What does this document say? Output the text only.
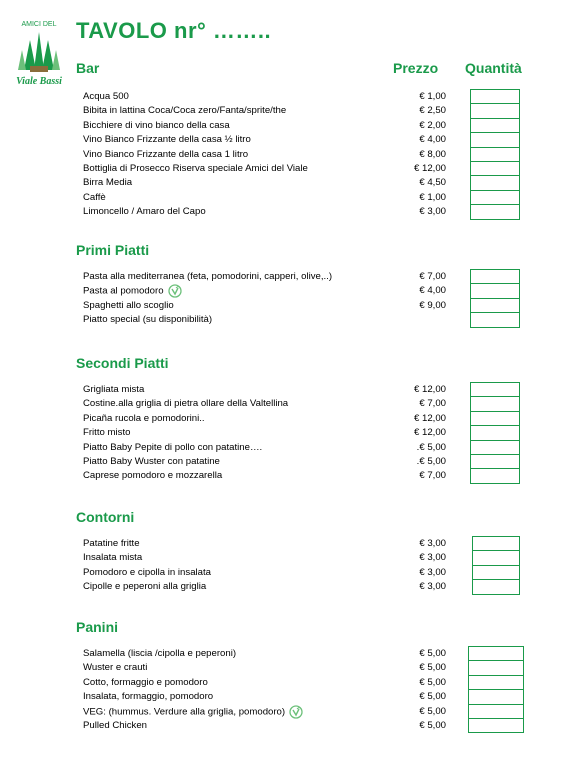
AMICI DEL
Viale Bassi
TAVOLO nr° ……..
Prezzo Quantità
Bar
Acqua 500	€ 1,00
Bibita in lattina Coca/Coca zero/Fanta/sprite/the	€ 2,50
Bicchiere di vino bianco della casa	€ 2,00
Vino Bianco Frizzante della casa ½ litro	€ 4,00
Vino Bianco Frizzante della casa 1 litro	€ 8,00
Bottiglia di Prosecco Riserva speciale Amici del Viale	€ 12,00
Birra Media	€ 4,50
Caffè	€ 1,00
Limoncello / Amaro del Capo	€ 3,00
Primi Piatti
Pasta alla mediterranea (feta, pomodorini, capperi, olive,..)	€ 7,00
Pasta al pomodoro	€ 4,00
Spaghetti allo scoglio	€ 9,00
Piatto special (su disponibilità)
Secondi Piatti
Grigliata mista	€ 12,00
Costine.alla griglia di pietra ollare della Valtellina	€ 7,00
Picaña rucola e pomodorini..	€ 12,00
Fritto misto	€ 12,00
Piatto Baby Pepite di pollo con patatine….	.€ 5,00
Piatto Baby Wuster con patatine	.€ 5,00
Caprese pomodoro e mozzarella	€ 7,00
Contorni
Patatine fritte	€ 3,00
Insalata mista	€ 3,00
Pomodoro e cipolla in insalata	€ 3,00
Cipolle e peperoni alla griglia	€ 3,00
Panini
Salamella (liscia /cipolla e peperoni)	€ 5,00
Wuster e crauti	€ 5,00
Cotto, formaggio e pomodoro	€ 5,00
Insalata, formaggio, pomodoro	€ 5,00
VEG: (hummus. Verdure alla griglia, pomodoro)	€ 5,00
Pulled Chicken	€ 5,00
